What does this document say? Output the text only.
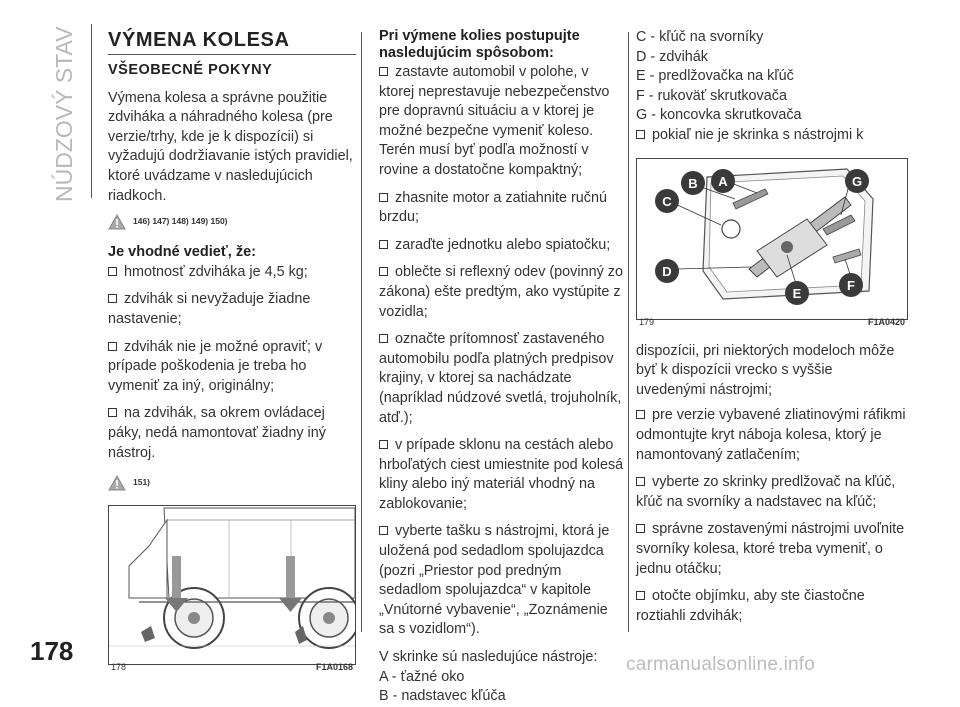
NÚDZOVÝ STAV VÝMENA KOLESA
VŠEOBECNÉ POKYNY

Výmena kolesa a správne použitie zdviháka a náhradného kolesa (pre verzie/trhy, kde je k dispozícii) si vyžadujú dodržiavanie istých pravidiel, ktoré uvádzame v nasledujúcich riadkoch.

146) 147) 148) 149) 150)
Je vhodné vedieť, že:
hmotnosť zdviháka je 4,5 kg;
zdvihák si nevyžaduje žiadne nastavenie;
zdvihák nie je možné opraviť; v prípade poškodenia je treba ho vymeniť za iný, originálny;
na zdvihák, sa okrem ovládacej páky, nedá namontovať žiadny iný nástroj.
151)
178	F1A0168
Pri výmene kolies postupujte nasledujúcim spôsobom:
zastavte automobil v polohe, v ktorej neprestavuje nebezpečenstvo pre dopravnú situáciu a v ktorej je možné bezpečne vymeniť koleso. Terén musí byť podľa možností v rovine a dostatočne kompaktný;
zhasnite motor a zatiahnite ručnú brzdu;
zaraďte jednotku alebo spiatočku;
oblečte si reflexný odev (povinný zo zákona) ešte predtým, ako vystúpite z vozidla;
označte prítomnosť zastaveného automobilu podľa platných predpisov krajiny, v ktorej sa nachádzate (napríklad núdzové svetlá, trojuholník, atď.);
v prípade sklonu na cestách alebo hrboľatých ciest umiestnite pod kolesá kliny alebo iný materiál vhodný na zablokovanie;
vyberte tašku s nástrojmi, ktorá je uložená pod sedadlom spolujazdca (pozri „Priestor pod predným sedadlom spolujazdca“ v kapitole „Vnútorné vybavenie“, „Zoznámenie sa s vozidlom“).

V skrinke sú nasledujúce nástroje:

A - ťažné oko
B - nadstavec kľúča
C - kľúč na svorníky
D - zdvihák
E - predlžovačka na kľúč
F - rukoväť skrutkovača
G - koncovka skrutkovača
pokiaľ nie je skrinka s nástrojmi k
B A	G
C
D
E
F
179	F1A0420

dispozícii, pri niektorých modeloch môže byť k dispozícii vrecko s vyššie uvedenými nástrojmi;

pre verzie vybavené zliatinovými ráfikmi odmontujte kryt náboja kolesa, ktorý je namontovaný zatlačením;
vyberte zo skrinky predlžovač na kľúč, kľúč na svorníky a nadstavec na kľúč;
správne zostavenými nástrojmi uvoľnite svorníky kolesa, ktoré treba vymeniť, o jednu otáčku;
otočte objímku, aby ste čiastočne roztiahli zdvihák;
178	carmanualsonline.info
